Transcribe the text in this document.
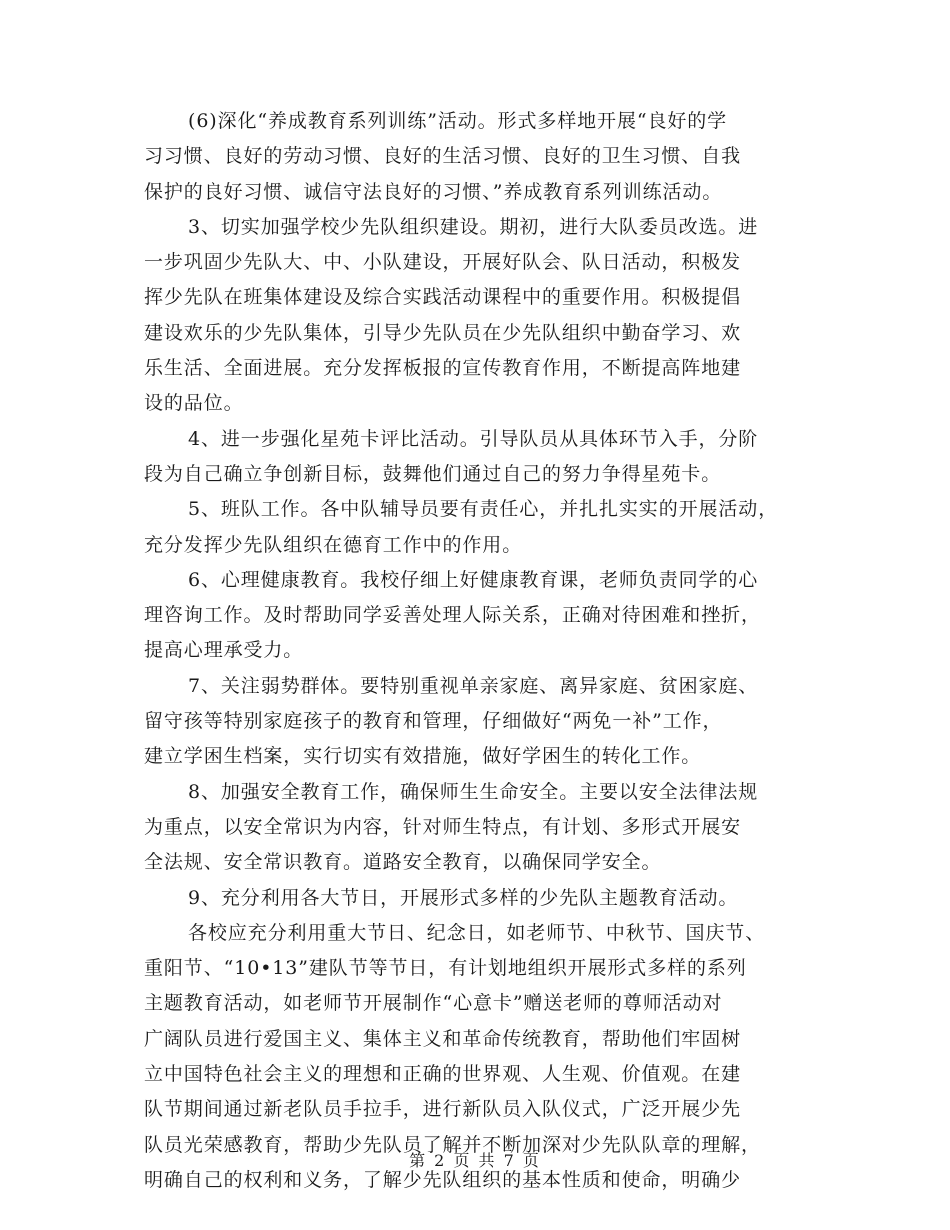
(6)深化“养成教育系列训练”活动。形式多样地开展“良好的学
习习惯、良好的劳动习惯、良好的生活习惯、良好的卫生习惯、自我
保护的良好习惯、诚信守法良好的习惯、”养成教育系列训练活动。
3、切实加强学校少先队组织建设。期初，进行大队委员改选。进
一步巩固少先队大、中、小队建设，开展好队会、队日活动，积极发
挥少先队在班集体建设及综合实践活动课程中的重要作用。积极提倡
建设欢乐的少先队集体，引导少先队员在少先队组织中勤奋学习、欢
乐生活、全面进展。充分发挥板报的宣传教育作用，不断提高阵地建
设的品位。
4、进一步强化星苑卡评比活动。引导队员从具体环节入手，分阶
段为自己确立争创新目标，鼓舞他们通过自己的努力争得星苑卡。
5、班队工作。各中队辅导员要有责任心，并扎扎实实的开展活动，
充分发挥少先队组织在德育工作中的作用。
6、心理健康教育。我校仔细上好健康教育课，老师负责同学的心
理咨询工作。及时帮助同学妥善处理人际关系，正确对待困难和挫折，
提高心理承受力。
7、关注弱势群体。要特别重视单亲家庭、离异家庭、贫困家庭、
留守孩等特别家庭孩子的教育和管理，仔细做好“两免一补”工作，
建立学困生档案，实行切实有效措施，做好学困生的转化工作。
8、加强安全教育工作，确保师生生命安全。主要以安全法律法规
为重点，以安全常识为内容，针对师生特点，有计划、多形式开展安
全法规、安全常识教育。道路安全教育，以确保同学安全。
9、充分利用各大节日，开展形式多样的少先队主题教育活动。
各校应充分利用重大节日、纪念日，如老师节、中秋节、国庆节、
重阳节、“10•13”建队节等节日，有计划地组织开展形式多样的系列
主题教育活动，如老师节开展制作“心意卡”赠送老师的尊师活动对
广阔队员进行爱国主义、集体主义和革命传统教育，帮助他们牢固树
立中国特色社会主义的理想和正确的世界观、人生观、价值观。在建
队节期间通过新老队员手拉手，进行新队员入队仪式，广泛开展少先
队员光荣感教育，帮助少先队员了解并不断加深对少先队队章的理解，
明确自己的权利和义务，了解少先队组织的基本性质和使命，明确少
第 2 页 共 7 页
